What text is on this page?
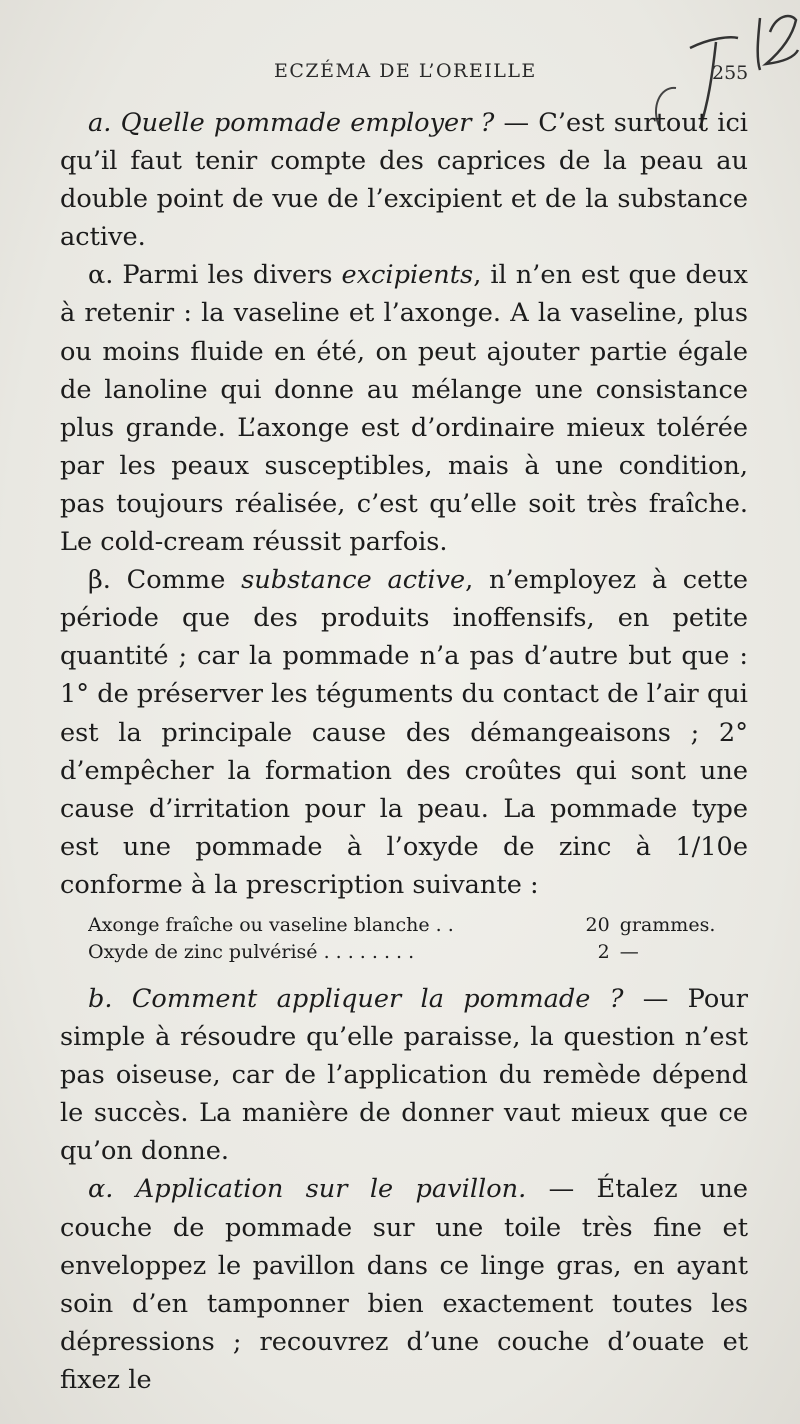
ECZÉMA DE L’OREILLE	255

a. Quelle pommade employer ? — C’est surtout ici qu’il faut tenir compte des caprices de la peau au double point de vue de l’excipient et de la substance active.

α. Parmi les divers excipients, il n’en est que deux à retenir : la vaseline et l’axonge. A la vaseline, plus ou moins fluide en été, on peut ajouter partie égale de lanoline qui donne au mélange une consistance plus grande. L’axonge est d’ordinaire mieux tolérée par les peaux susceptibles, mais à une condition, pas toujours réalisée, c’est qu’elle soit très fraîche. Le cold-cream réussit parfois.

β. Comme substance active, n’employez à cette période que des produits inoffensifs, en petite quantité ; car la pommade n’a pas d’autre but que : 1° de préserver les téguments du contact de l’air qui est la principale cause des démangeaisons ; 2° d’empêcher la formation des croûtes qui sont une cause d’irritation pour la peau. La pommade type est une pommade à l’oxyde de zinc à 1/10e conforme à la prescription suivante :

Axonge fraîche ou vaseline blanche . .	20 grammes.
Oxyde de zinc pulvérisé . . . . . . . .	2 —

b. Comment appliquer la pommade ? — Pour simple à résoudre qu’elle paraisse, la question n’est pas oiseuse, car de l’application du remède dépend le succès. La manière de donner vaut mieux que ce qu’on donne.

α. Application sur le pavillon. — Étalez une couche de pommade sur une toile très fine et enveloppez le pavillon dans ce linge gras, en ayant soin d’en tamponner bien exactement toutes les dépressions ; recouvrez d’une couche d’ouate et fixez le
